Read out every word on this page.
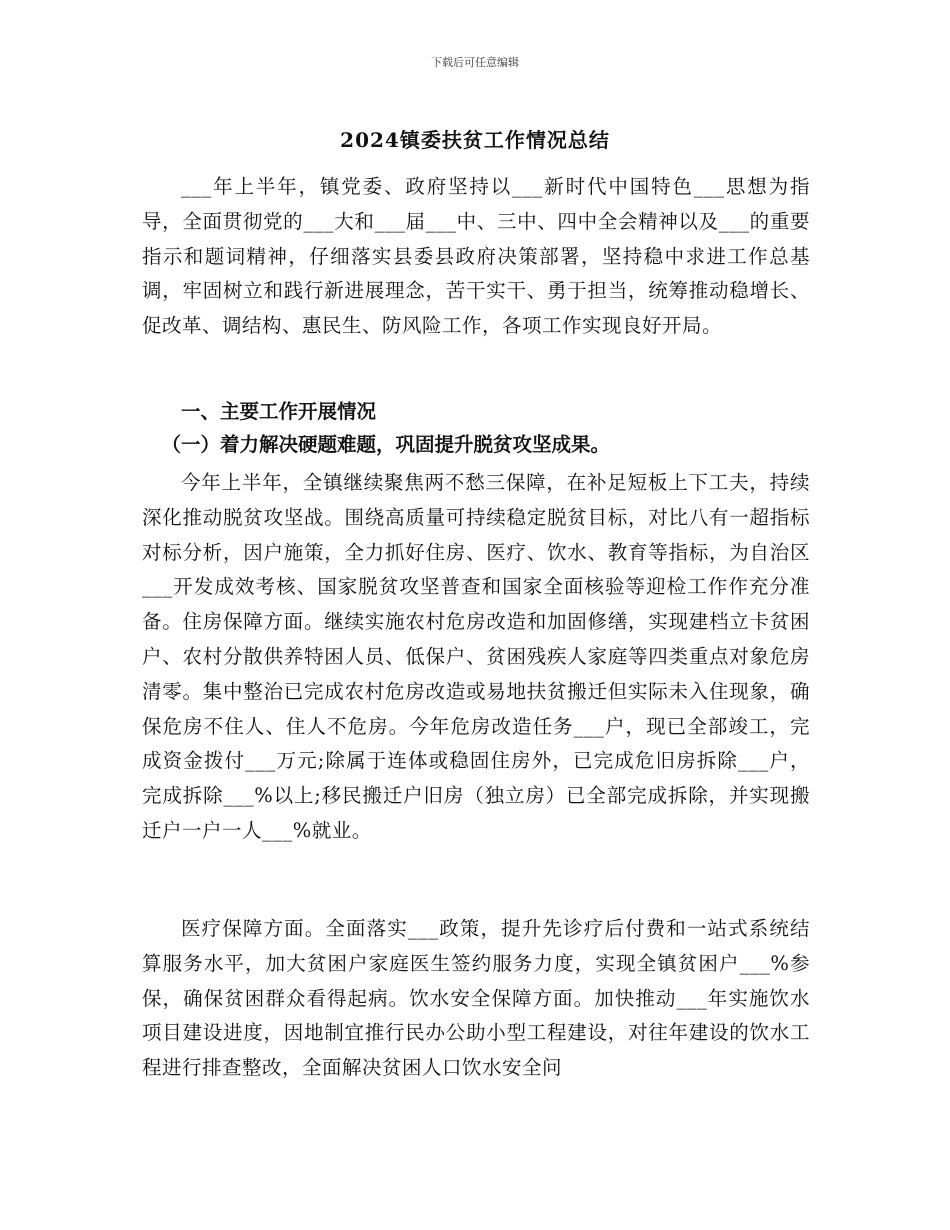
下载后可任意编辑
2024镇委扶贫工作情况总结

___年上半年，镇党委、政府坚持以___新时代中国特色___思想为指导，全面贯彻党的___大和___届___中、三中、四中全会精神以及___的重要指示和题词精神，仔细落实县委县政府决策部署，坚持稳中求进工作总基调，牢固树立和践行新进展理念，苦干实干、勇于担当，统筹推动稳增长、促改革、调结构、惠民生、防风险工作，各项工作实现良好开局。

一、主要工作开展情况
（一）着力解决硬题难题，巩固提升脱贫攻坚成果。

今年上半年，全镇继续聚焦两不愁三保障，在补足短板上下工夫，持续深化推动脱贫攻坚战。围绕高质量可持续稳定脱贫目标，对比八有一超指标对标分析，因户施策，全力抓好住房、医疗、饮水、教育等指标，为自治区___开发成效考核、国家脱贫攻坚普查和国家全面核验等迎检工作作充分准备。住房保障方面。继续实施农村危房改造和加固修缮，实现建档立卡贫困户、农村分散供养特困人员、低保户、贫困残疾人家庭等四类重点对象危房清零。集中整治已完成农村危房改造或易地扶贫搬迁但实际未入住现象，确保危房不住人、住人不危房。今年危房改造任务___户，现已全部竣工，完成资金拨付___万元;除属于连体或稳固住房外，已完成危旧房拆除___户，完成拆除___%以上;移民搬迁户旧房（独立房）已全部完成拆除，并实现搬迁户一户一人___%就业。

医疗保障方面。全面落实___政策，提升先诊疗后付费和一站式系统结算服务水平，加大贫困户家庭医生签约服务力度，实现全镇贫困户___%参保，确保贫困群众看得起病。饮水安全保障方面。加快推动___年实施饮水项目建设进度，因地制宜推行民办公助小型工程建设，对往年建设的饮水工程进行排查整改，全面解决贫困人口饮水安全问
